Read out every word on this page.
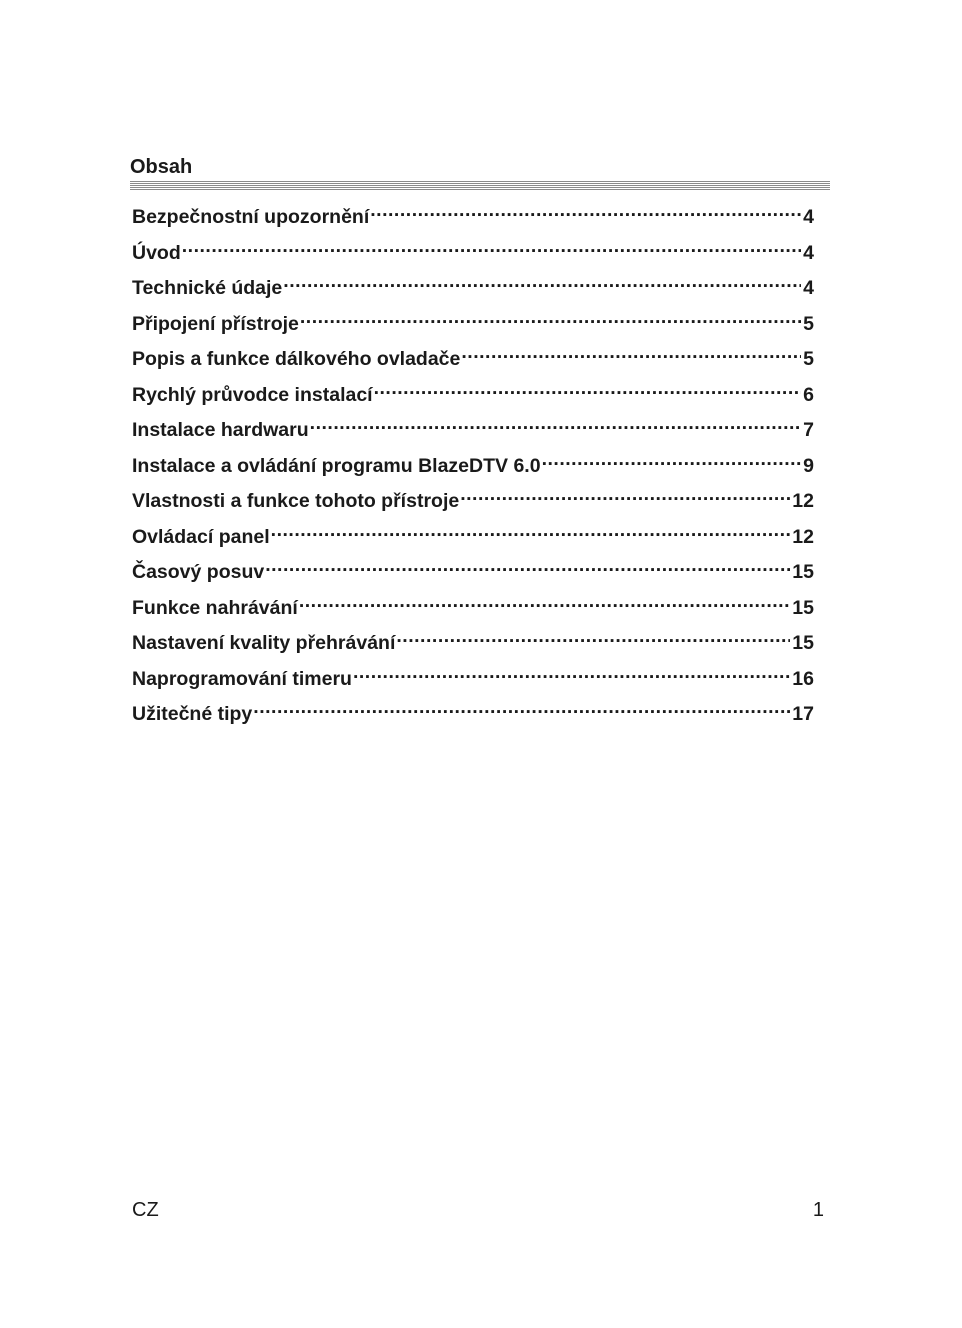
Obsah
Bezpečnostní upozornění .....	4
Úvod .....	4
Technické údaje .....	4
Připojení přístroje .....	5
Popis a funkce dálkového ovladače .....	5
Rychlý průvodce instalací .....	6
Instalace hardwaru .....	7
Instalace a ovládání programu BlazeDTV 6.0 .....	9
Vlastnosti a funkce tohoto přístroje .....	12
Ovládací panel .....	12
Časový posuv .....	15
Funkce nahrávání .....	15
Nastavení kvality přehrávání .....	15
Naprogramování timeru .....	16
Užitečné tipy .....	17
CZ	1
